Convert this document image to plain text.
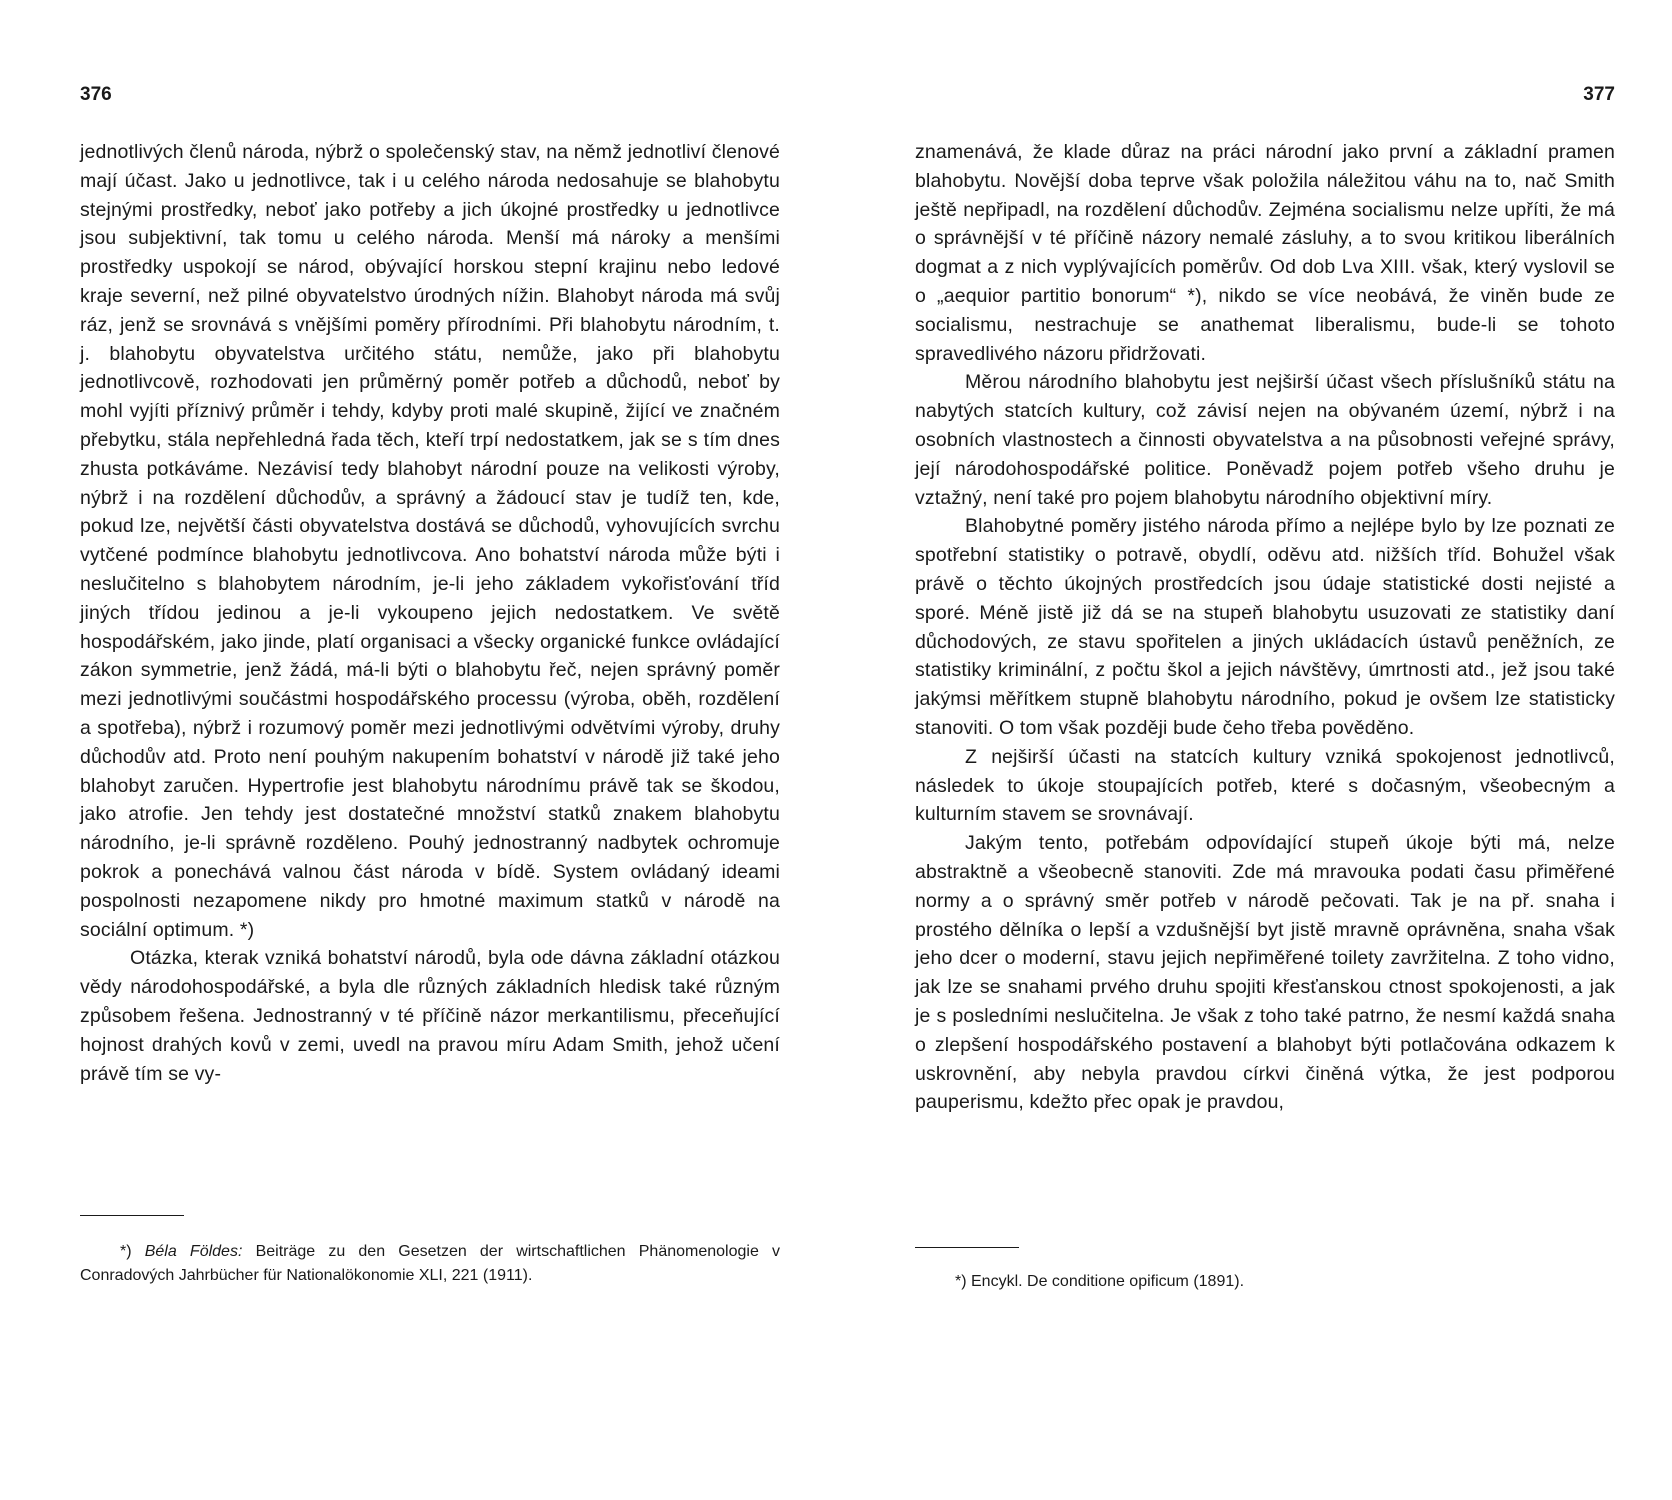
376

jednotlivých členů národa, nýbrž o společenský stav, na němž jednotliví členové mají účast. Jako u jednotlivce, tak i u celého národa nedosahuje se blahobytu stejnými prostředky, neboť jako potřeby a jich úkojné prostředky u jednotlivce jsou subjektivní, tak tomu u celého národa. Menší má nároky a menšími prostředky uspokojí se národ, obývající horskou stepní krajinu nebo ledové kraje severní, než pilné obyvatelstvo úrodných nížin. Blahobyt národa má svůj ráz, jenž se srovnává s vnějšími poměry přírodními. Při blahobytu národním, t. j. blahobytu obyvatelstva určitého státu, nemůže, jako při blahobytu jednotlivcově, rozhodovati jen průměrný poměr potřeb a důchodů, neboť by mohl vyjíti příznivý průměr i tehdy, kdyby proti malé skupině, žijící ve značném přebytku, stála nepřehledná řada těch, kteří trpí nedostatkem, jak se s tím dnes zhusta potkáváme. Nezávisí tedy blahobyt národní pouze na velikosti výroby, nýbrž i na rozdělení důchodův, a správný a žádoucí stav je tudíž ten, kde, pokud lze, největší části obyvatelstva dostává se důchodů, vyhovujících svrchu vytčené podmínce blahobytu jednotlivcova. Ano bohatství národa může býti i neslučitelno s blahobytem národním, je-li jeho základem vykořisťování tříd jiných třídou jedinou a je-li vykoupeno jejich nedostatkem. Ve světě hospodářském, jako jinde, platí organisaci a všecky organické funkce ovládající zákon symmetrie, jenž žádá, má-li býti o blahobytu řeč, nejen správný poměr mezi jednotlivými součástmi hospodářského processu (výroba, oběh, rozdělení a spotřeba), nýbrž i rozumový poměr mezi jednotlivými odvětvími výroby, druhy důchodův atd. Proto není pouhým nakupením bohatství v národě již také jeho blahobyt zaručen. Hypertrofie jest blahobytu národnímu právě tak se škodou, jako atrofie. Jen tehdy jest dostatečné množství statků znakem blahobytu národního, je-li správně rozděleno. Pouhý jednostranný nadbytek ochromuje pokrok a ponechává valnou část národa v bídě. System ovládaný ideami pospolnosti nezapomene nikdy pro hmotné maximum statků v národě na sociální optimum. *)

Otázka, kterak vzniká bohatství národů, byla ode dávna základní otázkou vědy národohospodářské, a byla dle různých základních hledisk také různým způsobem řešena. Jednostranný v té příčině názor merkantilismu, přeceňující hojnost drahých kovů v zemi, uvedl na pravou míru Adam Smith, jehož učení právě tím se vy-

*) Béla Földes: Beiträge zu den Gesetzen der wirtschaftlichen Phänomenologie v Conradových Jahrbücher für Nationalökonomie XLI, 221 (1911).
377

znamenává, že klade důraz na práci národní jako první a základní pramen blahobytu. Novější doba teprve však položila náležitou váhu na to, nač Smith ještě nepřipadl, na rozdělení důchodův. Zejména socialismu nelze upříti, že má o správnější v té příčině názory nemalé zásluhy, a to svou kritikou liberálních dogmat a z nich vyplývajících poměrův. Od dob Lva XIII. však, který vyslovil se o „aequior partitio bonorum“ *), nikdo se více neobává, že viněn bude ze socialismu, nestrachuje se anathemat liberalismu, bude-li se tohoto spravedlivého názoru přidržovati.

Měrou národního blahobytu jest nejširší účast všech příslušníků státu na nabytých statcích kultury, což závisí nejen na obývaném území, nýbrž i na osobních vlastnostech a činnosti obyvatelstva a na působnosti veřejné správy, její národohospodářské politice. Poněvadž pojem potřeb všeho druhu je vztažný, není také pro pojem blahobytu národního objektivní míry.

Blahobytné poměry jistého národa přímo a nejlépe bylo by lze poznati ze spotřební statistiky o potravě, obydlí, oděvu atd. nižších tříd. Bohužel však právě o těchto úkojných prostředcích jsou údaje statistické dosti nejisté a sporé. Méně jistě již dá se na stupeň blahobytu usuzovati ze statistiky daní důchodových, ze stavu spořitelen a jiných ukládacích ústavů peněžních, ze statistiky kriminální, z počtu škol a jejich návštěvy, úmrtnosti atd., jež jsou také jakýmsi měřítkem stupně blahobytu národního, pokud je ovšem lze statisticky stanoviti. O tom však později bude čeho třeba pověděno.

Z nejširší účasti na statcích kultury vzniká spokojenost jednotlivců, následek to úkoje stoupajících potřeb, které s dočasným, všeobecným a kulturním stavem se srovnávají.

Jakým tento, potřebám odpovídající stupeň úkoje býti má, nelze abstraktně a všeobecně stanoviti. Zde má mravouka podati času přiměřené normy a o správný směr potřeb v národě pečovati. Tak je na př. snaha i prostého dělníka o lepší a vzdušnější byt jistě mravně oprávněna, snaha však jeho dcer o moderní, stavu jejich nepřiměřené toilety zavržitelna. Z toho vidno, jak lze se snahami prvého druhu spojiti křesťanskou ctnost spokojenosti, a jak je s posledními neslučitelna. Je však z toho také patrno, že nesmí každá snaha o zlepšení hospodářského postavení a blahobyt býti potlačována odkazem k uskrovnění, aby nebyla pravdou církvi činěná výtka, že jest podporou pauperismu, kdežto přec opak je pravdou,

*) Encykl. De conditione opificum (1891).
